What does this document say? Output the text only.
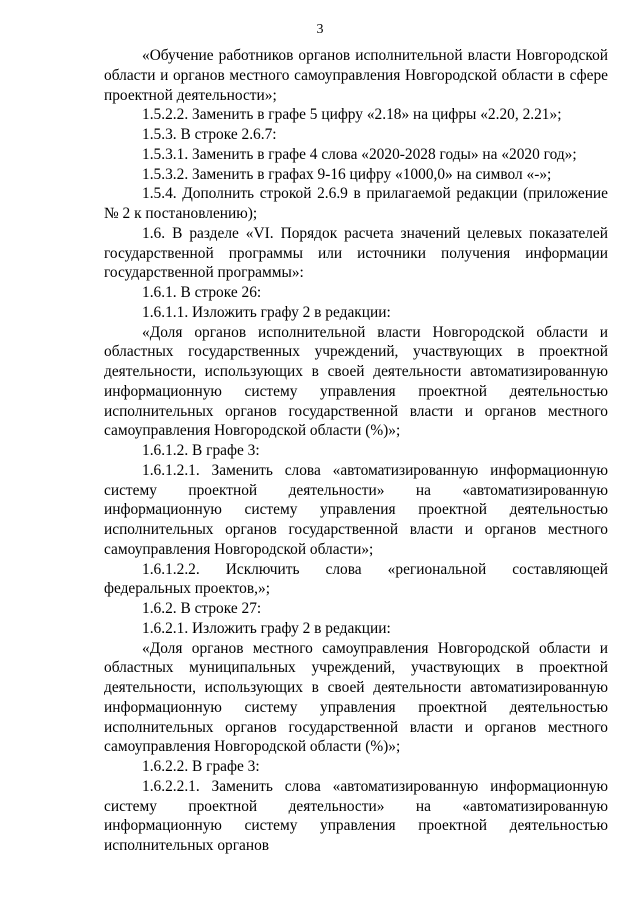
3

«Обучение работников органов исполнительной власти Новгородской области и органов местного самоуправления Новгородской области в сфере проектной деятельности»;

1.5.2.2. Заменить в графе 5 цифру «2.18» на цифры «2.20, 2.21»;

1.5.3. В строке 2.6.7:

1.5.3.1. Заменить в графе 4 слова «2020-2028 годы» на «2020 год»;

1.5.3.2. Заменить в графах 9-16 цифру «1000,0» на символ «-»;

1.5.4. Дополнить строкой 2.6.9 в прилагаемой редакции (приложение № 2 к постановлению);

1.6. В разделе «VI. Порядок расчета значений целевых показателей государственной программы или источники получения информации государственной программы»:

1.6.1. В строке 26:

1.6.1.1. Изложить графу 2 в редакции:

«Доля органов исполнительной власти Новгородской области и областных государственных учреждений, участвующих в проектной деятельности, использующих в своей деятельности автоматизированную информационную систему управления проектной деятельностью исполнительных органов государственной власти и органов местного самоуправления Новгородской области (%)»;

1.6.1.2. В графе 3:

1.6.1.2.1. Заменить слова «автоматизированную информационную систему проектной деятельности» на «автоматизированную информационную систему управления проектной деятельностью исполнительных органов государственной власти и органов местного самоуправления Новгородской области»;

1.6.1.2.2. Исключить слова «региональной составляющей федеральных проектов,»;

1.6.2. В строке 27:

1.6.2.1. Изложить графу 2 в редакции:

«Доля органов местного самоуправления Новгородской области и областных муниципальных учреждений, участвующих в проектной деятельности, использующих в своей деятельности автоматизированную информационную систему управления проектной деятельностью исполнительных органов государственной власти и органов местного самоуправления Новгородской области (%)»;

1.6.2.2. В графе 3:

1.6.2.2.1. Заменить слова «автоматизированную информационную систему проектной деятельности» на «автоматизированную информационную систему управления проектной деятельностью исполнительных органов
